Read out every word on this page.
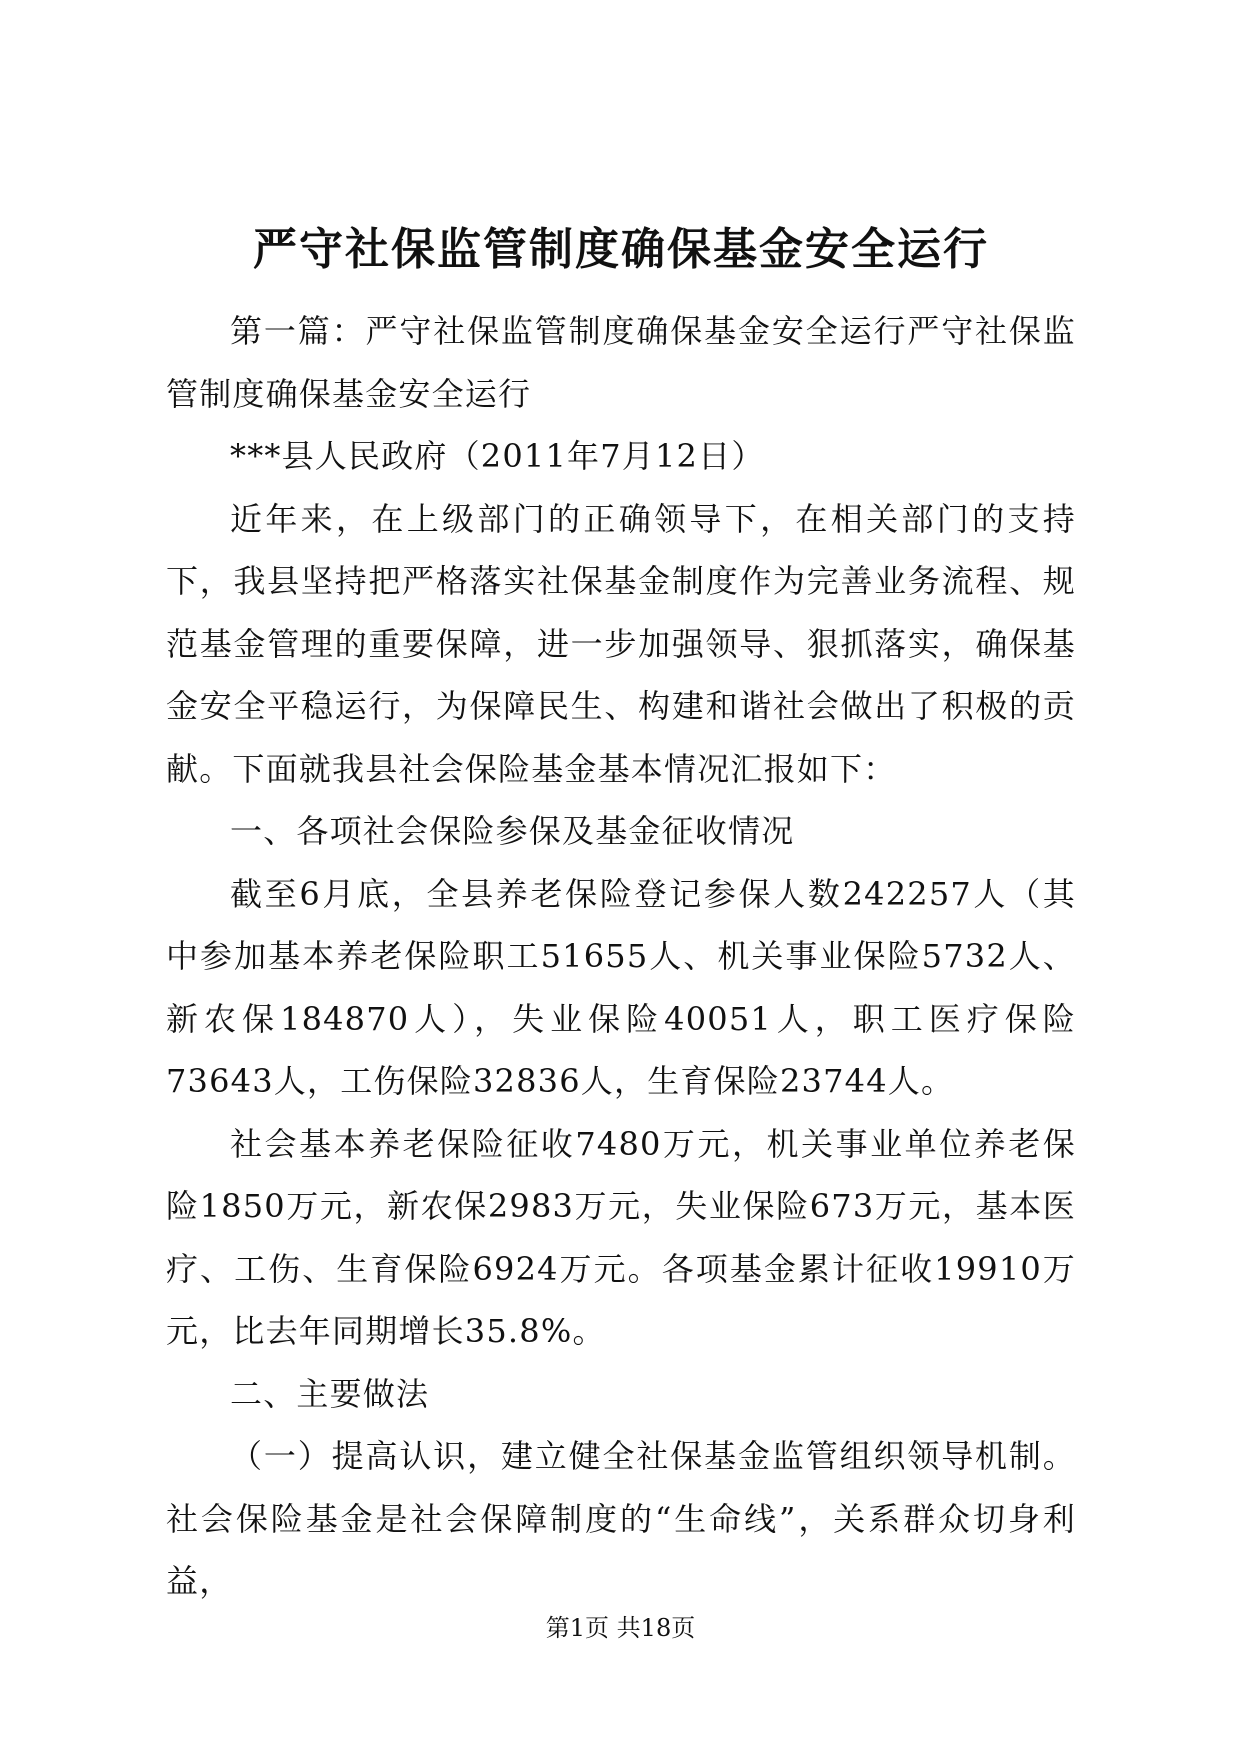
严守社保监管制度确保基金安全运行

第一篇：严守社保监管制度确保基金安全运行严守社保监管制度确保基金安全运行

***县人民政府（2011年7月12日）

近年来，在上级部门的正确领导下，在相关部门的支持下，我县坚持把严格落实社保基金制度作为完善业务流程、规范基金管理的重要保障，进一步加强领导、狠抓落实，确保基金安全平稳运行，为保障民生、构建和谐社会做出了积极的贡献。下面就我县社会保险基金基本情况汇报如下：

一、各项社会保险参保及基金征收情况

截至6月底，全县养老保险登记参保人数242257人（其中参加基本养老保险职工51655人、机关事业保险5732人、新农保184870人），失业保险40051人，职工医疗保险73643人，工伤保险32836人，生育保险23744人。

社会基本养老保险征收7480万元，机关事业单位养老保险1850万元，新农保2983万元，失业保险673万元，基本医疗、工伤、生育保险6924万元。各项基金累计征收19910万元，比去年同期增长35.8%。

二、主要做法

（一）提高认识，建立健全社保基金监管组织领导机制。社会保险基金是社会保障制度的“生命线”，关系群众切身利益，

第1页 共18页
